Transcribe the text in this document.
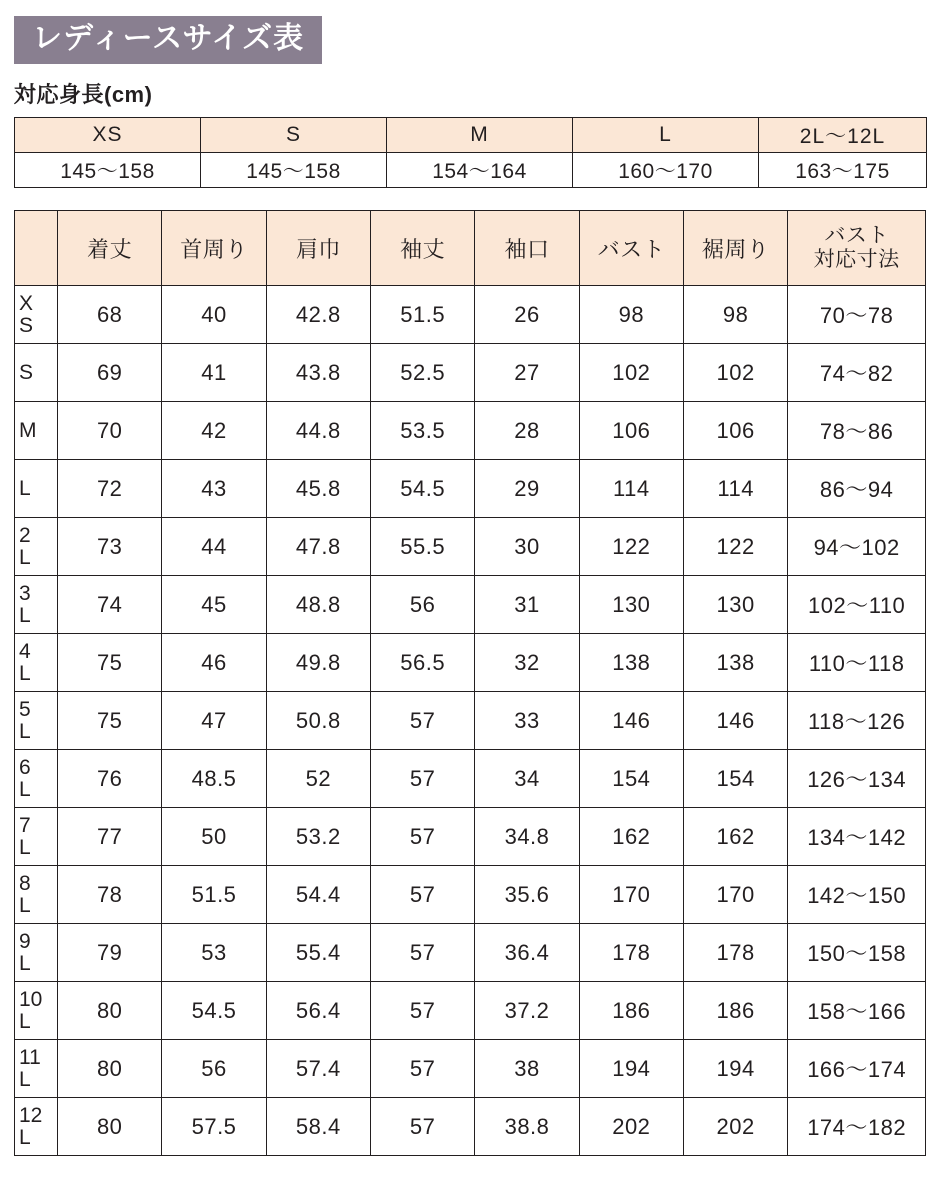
レディースサイズ表
対応身長(cm)
XS	S	M	L	2L〜12L
145〜158	145〜158	154〜164	160〜170	163〜175
	着丈	首周り	肩巾	袖丈	袖口	バスト	裾周り	バスト
対応寸法

X
S	68	40	42.8	51.5	26	98	98	70〜78

S	69	41	43.8	52.5	27	102	102	74〜82

M	70	42	44.8	53.5	28	106	106	78〜86

L	72	43	45.8	54.5	29	114	114	86〜94

2
L	73	44	47.8	55.5	30	122	122	94〜102

3
L	74	45	48.8	56	31	130	130	102〜110

4
L	75	46	49.8	56.5	32	138	138	110〜118

5
L	75	47	50.8	57	33	146	146	118〜126

6
L	76	48.5	52	57	34	154	154	126〜134

7
L	77	50	53.2	57	34.8	162	162	134〜142

8
L	78	51.5	54.4	57	35.6	170	170	142〜150

9
L	79	53	55.4	57	36.4	178	178	150〜158

10
L	80	54.5	56.4	57	37.2	186	186	158〜166

11
L	80	56	57.4	57	38	194	194	166〜174

12
L	80	57.5	58.4	57	38.8	202	202	174〜182
